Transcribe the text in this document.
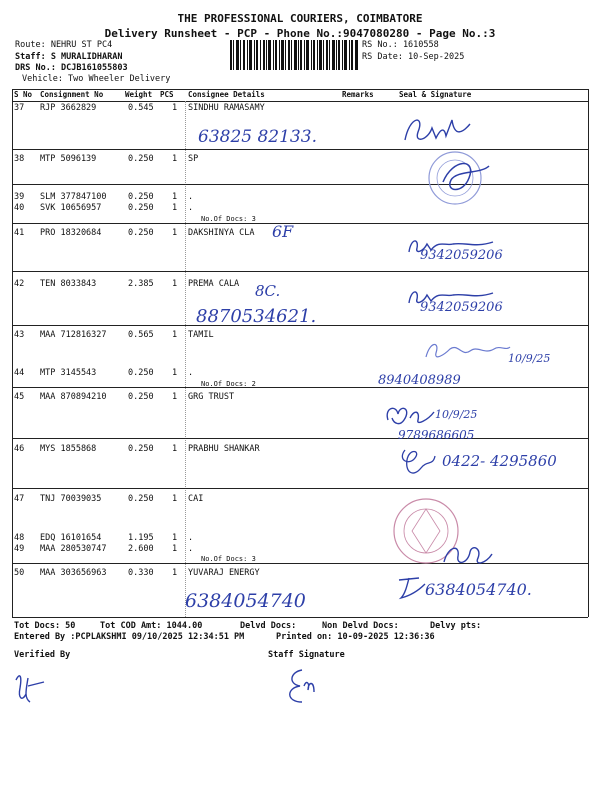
THE PROFESSIONAL COURIERS, COIMBATORE
Delivery Runsheet - PCP - Phone No.:9047080280 - Page No.:3
Route: NEHRU ST PC4
Staff: S MURALIDHARAN
DRS No.: DCJB161055803
Vehicle: Two Wheeler Delivery
RS No.: 1610558
RS Date: 10-Sep-2025
S No Consignment No	Weight PCS Consignee Details	Remarks	Seal & Signature
37 RJP 3662829	0.545 1 SINDHU RAMASAMY
38 MTP 5096139	0.250 1 SP
39 SLM 377847100	0.250 1 .
40 SVK 10656957	0.250 1 .
No.Of Docs: 3
41 PRO 18320684	0.250 1 DAKSHINYA CLA
42 TEN 8033843	2.385 1 PREMA CALA
43 MAA 712816327	0.565 1 TAMIL
44 MTP 3145543	0.250 1 .
No.Of Docs: 2
45 MAA 870894210	0.250 1 GRG TRUST
46 MYS 1855868	0.250 1 PRABHU SHANKAR
47 TNJ 70039035	0.250 1 CAI
48 EDQ 16101654	1.195 1 .
49 MAA 280530747	2.600 1 .
No.Of Docs: 3
50 MAA 303656963	0.330 1 YUVARAJ ENERGY
63825 82133.
6F
9342059206
8C.
8870534621.	9342059206
10/9/25
8940408989
10/9/25
9789686605
0422- 4295860
6384054740
6384054740.
Tot Docs: 50	Tot COD Amt: 1044.00	Delvd Docs:	Non Delvd Docs:	Delvy pts:
Entered By :PCPLAKSHMI 09/10/2025 12:34:51 PM	Printed on: 10-09-2025 12:36:36
Verified By	Staff Signature
